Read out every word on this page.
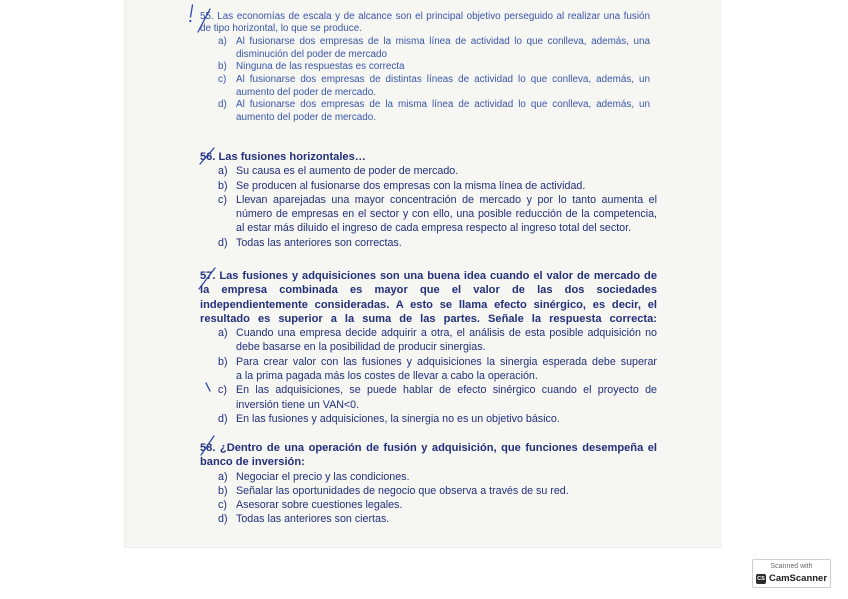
55. Las economías de escala y de alcance son el principal objetivo perseguido al realizar una fusión
de tipo horizontal, lo que se produce.
a) Al fusionarse dos empresas de la misma línea de actividad lo que conlleva, además, una
disminución del poder de mercado
b) Ninguna de las respuestas es correcta
c) Al fusionarse dos empresas de distintas líneas de actividad lo que conlleva, además, un
aumento del poder de mercado.
d) Al fusionarse dos empresas de la misma línea de actividad lo que conlleva, además, un
aumento del poder de mercado.
56. Las fusiones horizontales…
a) Su causa es el aumento de poder de mercado.
b) Se producen al fusionarse dos empresas con la misma línea de actividad.
c) Llevan aparejadas una mayor concentración de mercado y por lo tanto aumenta el
número de empresas en el sector y con ello, una posible reducción de la competencia,
al estar más diluido el ingreso de cada empresa respecto al ingreso total del sector.
d) Todas las anteriores son correctas.
57. Las fusiones y adquisiciones son una buena idea cuando el valor de mercado de
la empresa combinada es mayor que el valor de las dos sociedades
independientemente consideradas. A esto se llama efecto sinérgico, es decir, el
resultado es superior a la suma de las partes. Señale la respuesta correcta:
a) Cuando una empresa decide adquirir a otra, el análisis de esta posible adquisición no
debe basarse en la posibilidad de producir sinergias.
b) Para crear valor con las fusiones y adquisiciones la sinergia esperada debe superar
a la prima pagada más los costes de llevar a cabo la operación.
c) En las adquisiciones, se puede hablar de efecto sinérgico cuando el proyecto de
inversión tiene un VAN<0.
d) En las fusiones y adquisiciones, la sinergia no es un objetivo básico.
58. ¿Dentro de una operación de fusión y adquisición, que funciones desempeña el
banco de inversión:
a) Negociar el precio y las condiciones.
b) Señalar las oportunidades de negocio que observa a través de su red.
c) Asesorar sobre cuestiones legales.
d) Todas las anteriores son ciertas.
Scanned with
CS CamScanner
